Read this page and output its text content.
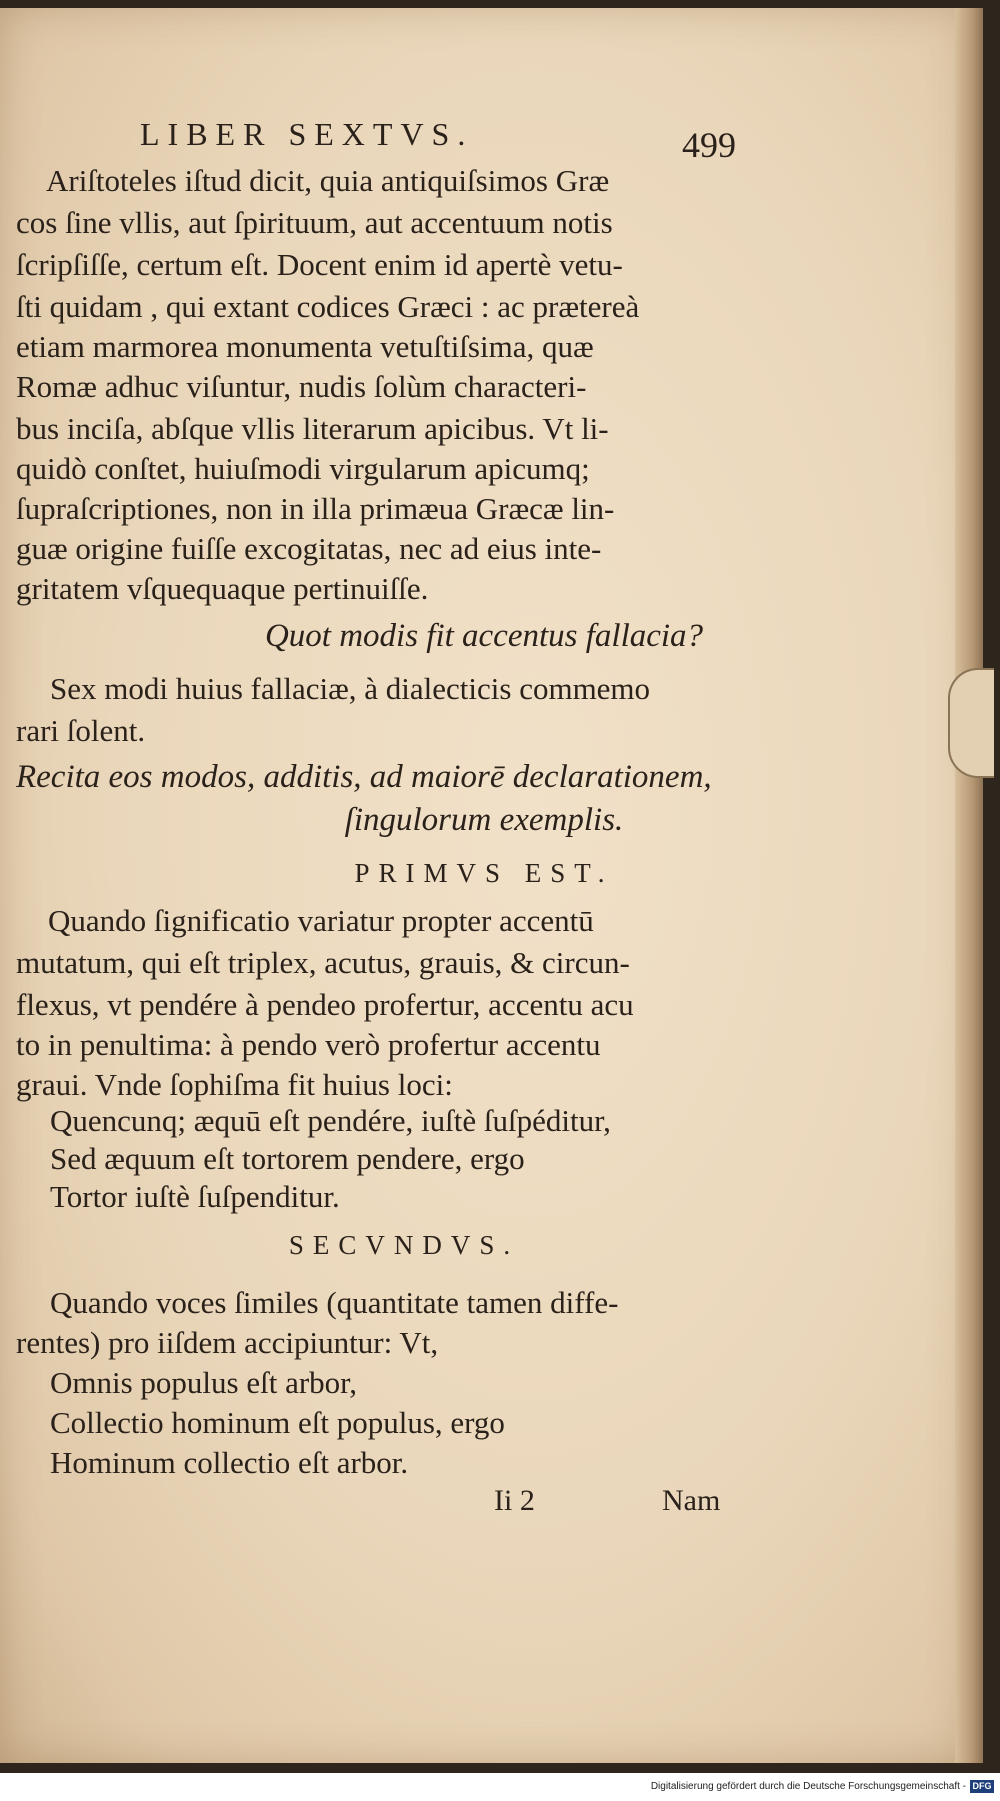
LIBER SEXTVS.	499
Ariſtoteles iſtud dicit, quia antiquiſsimos Græ
cos ſine vllis, aut ſpirituum, aut accentuum notis
ſcripſiſſe, certum eſt. Docent enim id apertè vetu-
ſti quidam , qui extant codices Græci : ac prætereà
etiam marmorea monumenta vetuſtiſsima, quæ
Romæ adhuc viſuntur, nudis ſolùm characteri-
bus inciſa, abſque vllis literarum apicibus. Vt li-
quidò conſtet, huiuſmodi virgularum apicumq;
ſupraſcriptiones, non in illa primæua Græcæ lin-
guæ origine fuiſſe excogitatas, nec ad eius inte-
gritatem vſquequaque pertinuiſſe.
Quot modis fit accentus fallacia?
Sex modi huius fallaciæ, à dialecticis commemo
rari ſolent.
Recita eos modos, additis, ad maiorē declarationem,
ſingulorum exemplis.
PRIMVS EST.
Quando ſignificatio variatur propter accentū
mutatum, qui eſt triplex, acutus, grauis, & circun-
flexus, vt pendére à pendeo profertur, accentu acu
to in penultima: à pendo verò profertur accentu
graui. Vnde ſophiſma fit huius loci:
Quencunq; æquū eſt pendére, iuſtè ſuſpéditur,
Sed æquum eſt tortorem pendere, ergo
Tortor iuſtè ſuſpenditur.
SECVNDVS.
Quando voces ſimiles (quantitate tamen diffe-
rentes) pro iiſdem accipiuntur: Vt,
Omnis populus eſt arbor,
Collectio hominum eſt populus, ergo
Hominum collectio eſt arbor.
Ii 2	Nam
Digitalisierung gefördert durch die Deutsche Forschungsgemeinschaft - DFG
